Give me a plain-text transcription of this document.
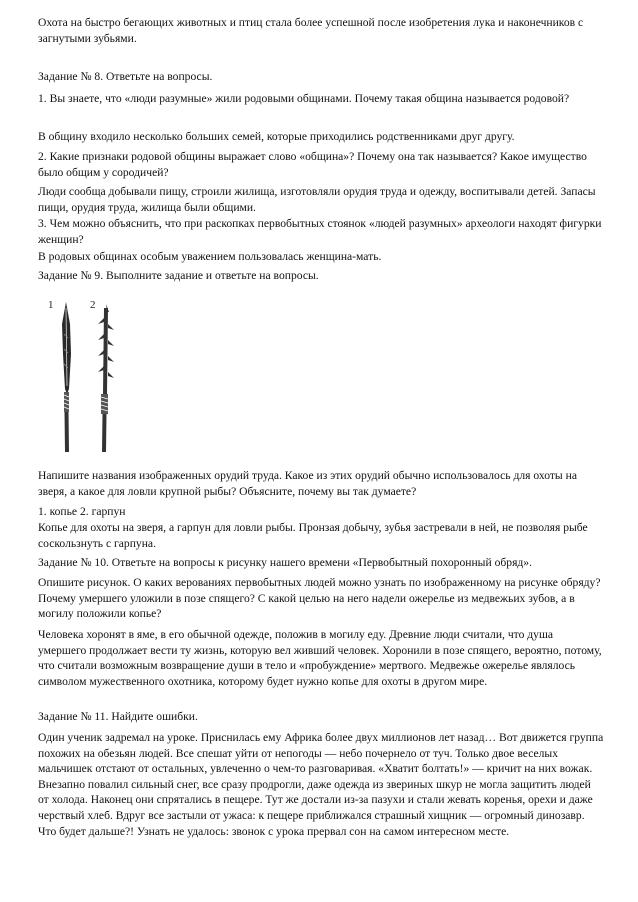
Охота на быстро бегающих животных и птиц стала более успешной после изобретения лука и наконечников с загнутыми зубьями.

Задание № 8. Ответьте на вопросы.

1. Вы знаете, что «люди разумные» жили родовыми общинами. Почему такая община называется родовой?

В общину входило несколько больших семей, которые приходились родственниками друг другу.

2. Какие признаки родовой общины выражает слово «община»? Почему она так называется? Какое имущество было общим у сородичей?

Люди сообща добывали пищу, строили жилища, изготовляли орудия труда и одежду, воспитывали детей. Запасы пищи, орудия труда, жилища были общими.

3. Чем можно объяснить, что при раскопках первобытных стоянок «людей разумных» археологи находят фигурки женщин?

В родовых общинах особым уважением пользовалась женщина-мать.

Задание № 9. Выполните задание и ответьте на вопросы.

1	2

Напишите названия изображенных орудий труда. Какое из этих орудий обычно использовалось для охоты на зверя, а какое для ловли крупной рыбы? Объясните, почему вы так думаете?

1. копье 2. гарпун

Копье для охоты на зверя, а гарпун для ловли рыбы. Пронзая добычу, зубья застревали в ней, не позволяя рыбе соскользнуть с гарпуна.

Задание № 10. Ответьте на вопросы к рисунку нашего времени «Первобытный похоронный обряд».

Опишите рисунок. О каких верованиях первобытных людей можно узнать по изображенному на рисунке обряду? Почему умершего уложили в позе спящего? С какой целью на него надели ожерелье из медвежьих зубов, а в могилу положили копье?

Человека хоронят в яме, в его обычной одежде, положив в могилу еду. Древние люди считали, что душа умершего продолжает вести ту жизнь, которую вел живший человек. Хоронили в позе спящего, вероятно, потому, что считали возможным возвращение души в тело и «пробуждение» мертвого. Медвежье ожерелье являлось символом мужественного охотника, которому будет нужно копье для охоты в другом мире.

Задание № 11. Найдите ошибки.

Один ученик задремал на уроке. Приснилась ему Африка более двух миллионов лет назад… Вот движется группа похожих на обезьян людей. Все спешат уйти от непогоды — небо почернело от туч. Только двое веселых мальчишек отстают от остальных, увлеченно о чем-то разговаривая. «Хватит болтать!» — кричит на них вожак. Внезапно повалил сильный снег, все сразу продрогли, даже одежда из звериных шкур не могла защитить людей от холода. Наконец они спрятались в пещере. Тут же достали из-за пазухи и стали жевать коренья, орехи и даже черствый хлеб. Вдруг все застыли от ужаса: к пещере приближался страшный хищник — огромный динозавр. Что будет дальше?! Узнать не удалось: звонок с урока прервал сон на самом интересном месте.
